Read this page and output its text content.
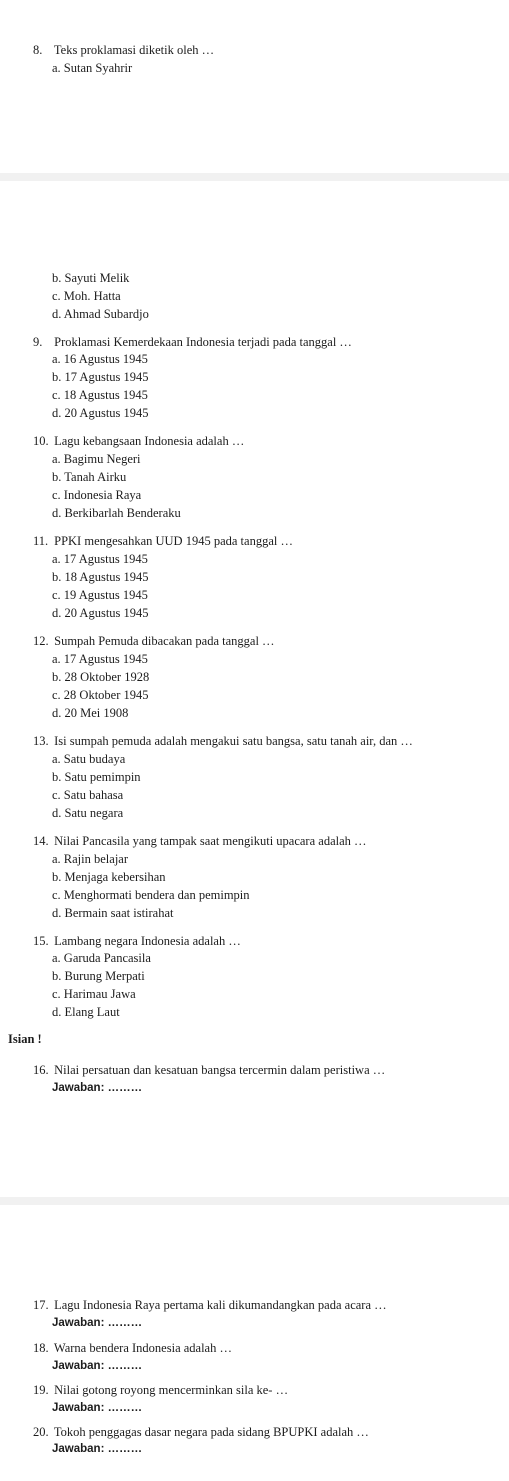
8. Teks proklamasi diketik oleh …
a. Sutan Syahrir
b. Sayuti Melik
c. Moh. Hatta
d. Ahmad Subardjo
9. Proklamasi Kemerdekaan Indonesia terjadi pada tanggal …
a. 16 Agustus 1945
b. 17 Agustus 1945
c. 18 Agustus 1945
d. 20 Agustus 1945
10. Lagu kebangsaan Indonesia adalah …
a. Bagimu Negeri
b. Tanah Airku
c. Indonesia Raya
d. Berkibarlah Benderaku
11. PPKI mengesahkan UUD 1945 pada tanggal …
a. 17 Agustus 1945
b. 18 Agustus 1945
c. 19 Agustus 1945
d. 20 Agustus 1945
12. Sumpah Pemuda dibacakan pada tanggal …
a. 17 Agustus 1945
b. 28 Oktober 1928
c. 28 Oktober 1945
d. 20 Mei 1908
13. Isi sumpah pemuda adalah mengakui satu bangsa, satu tanah air, dan …
a. Satu budaya
b. Satu pemimpin
c. Satu bahasa
d. Satu negara
14. Nilai Pancasila yang tampak saat mengikuti upacara adalah …
a. Rajin belajar
b. Menjaga kebersihan
c. Menghormati bendera dan pemimpin
d. Bermain saat istirahat
15. Lambang negara Indonesia adalah …
a. Garuda Pancasila
b. Burung Merpati
c. Harimau Jawa
d. Elang Laut
Isian !
16. Nilai persatuan dan kesatuan bangsa tercermin dalam peristiwa …
Jawaban: ………
17. Lagu Indonesia Raya pertama kali dikumandangkan pada acara …
Jawaban: ………
18. Warna bendera Indonesia adalah …
Jawaban: ………
19. Nilai gotong royong mencerminkan sila ke- …
Jawaban: ………
20. Tokoh penggagas dasar negara pada sidang BPUPKI adalah …
Jawaban: ………
